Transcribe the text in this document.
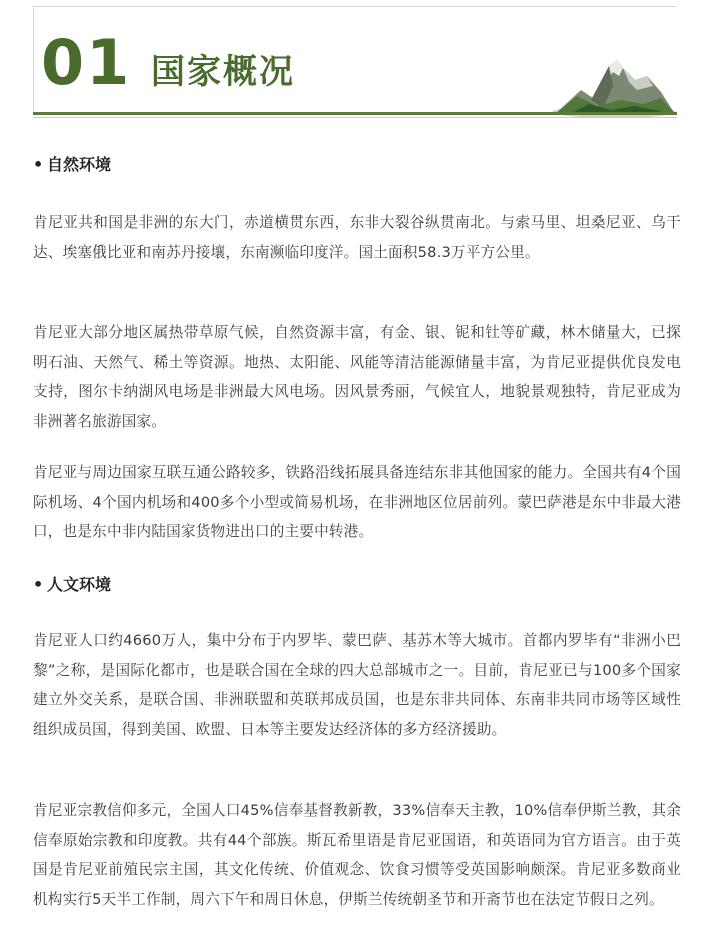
01 国家概况
• 自然环境

肯尼亚共和国是非洲的东大门，赤道横贯东西，东非大裂谷纵贯南北。与索马里、坦桑尼亚、乌干达、埃塞俄比亚和南苏丹接壤，东南濒临印度洋。国土面积58.3万平方公里。

肯尼亚大部分地区属热带草原气候，自然资源丰富，有金、银、铌和钍等矿藏，林木储量大，已探明石油、天然气、稀土等资源。地热、太阳能、风能等清洁能源储量丰富，为肯尼亚提供优良发电支持，图尔卡纳湖风电场是非洲最大风电场。因风景秀丽，气候宜人，地貌景观独特，肯尼亚成为非洲著名旅游国家。

肯尼亚与周边国家互联互通公路较多，铁路沿线拓展具备连结东非其他国家的能力。全国共有4个国际机场、4个国内机场和400多个小型或简易机场，在非洲地区位居前列。蒙巴萨港是东中非最大港口，也是东中非内陆国家货物进出口的主要中转港。

• 人文环境

肯尼亚人口约4660万人，集中分布于内罗毕、蒙巴萨、基苏木等大城市。首都内罗毕有“非洲小巴黎”之称，是国际化都市，也是联合国在全球的四大总部城市之一。目前，肯尼亚已与100多个国家建立外交关系，是联合国、非洲联盟和英联邦成员国，也是东非共同体、东南非共同市场等区域性组织成员国，得到美国、欧盟、日本等主要发达经济体的多方经济援助。

肯尼亚宗教信仰多元，全国人口45%信奉基督教新教，33%信奉天主教，10%信奉伊斯兰教，其余信奉原始宗教和印度教。共有44个部族。斯瓦希里语是肯尼亚国语，和英语同为官方语言。由于英国是肯尼亚前殖民宗主国，其文化传统、价值观念、饮食习惯等受英国影响颇深。肯尼亚多数商业机构实行5天半工作制，周六下午和周日休息，伊斯兰传统朝圣节和开斋节也在法定节假日之列。
